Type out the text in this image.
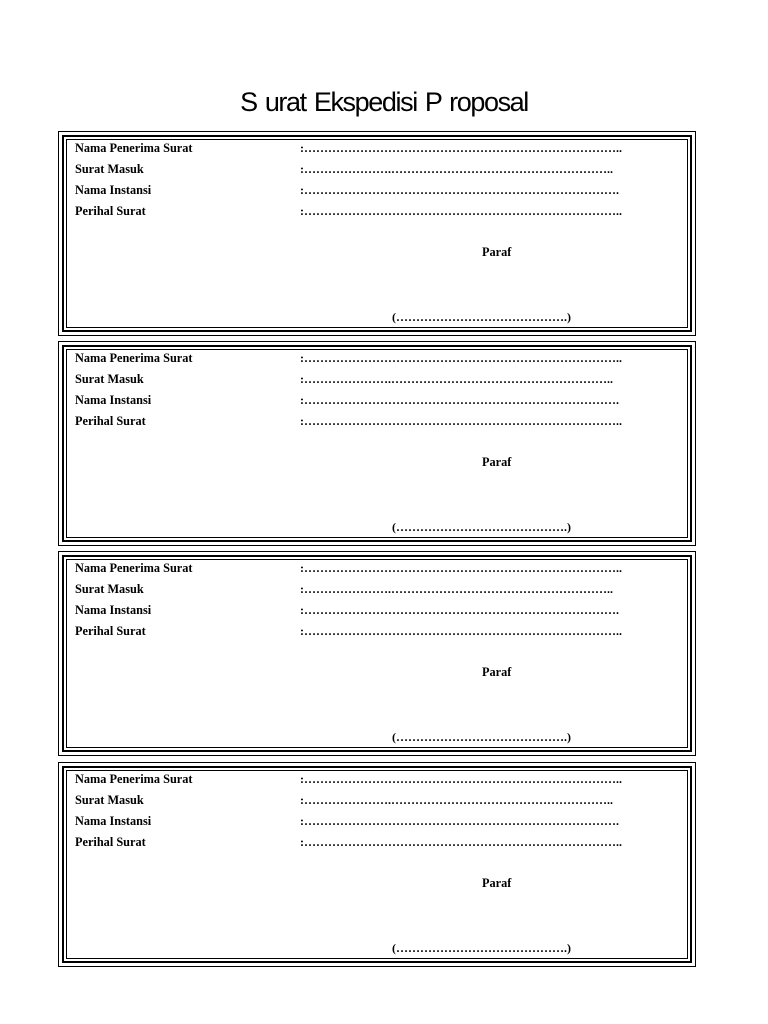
S urat Ekspedisi P roposal
Nama Penerima Surat	:……………………………………………………………………..
Surat Masuk	:………………….………………………………………………..
Nama Instansi	:…………………………………………………………………….
Perihal Surat	:……………………………………………………………………..
Paraf
(…………………………………….)
Nama Penerima Surat	:……………………………………………………………………..
Surat Masuk	:………………….………………………………………………..
Nama Instansi	:…………………………………………………………………….
Perihal Surat	:……………………………………………………………………..
Paraf
(…………………………………….)
Nama Penerima Surat	:……………………………………………………………………..
Surat Masuk	:………………….………………………………………………..
Nama Instansi	:…………………………………………………………………….
Perihal Surat	:……………………………………………………………………..
Paraf
(…………………………………….)
Nama Penerima Surat	:……………………………………………………………………..
Surat Masuk	:………………….………………………………………………..
Nama Instansi	:…………………………………………………………………….
Perihal Surat	:……………………………………………………………………..
Paraf
(…………………………………….)
